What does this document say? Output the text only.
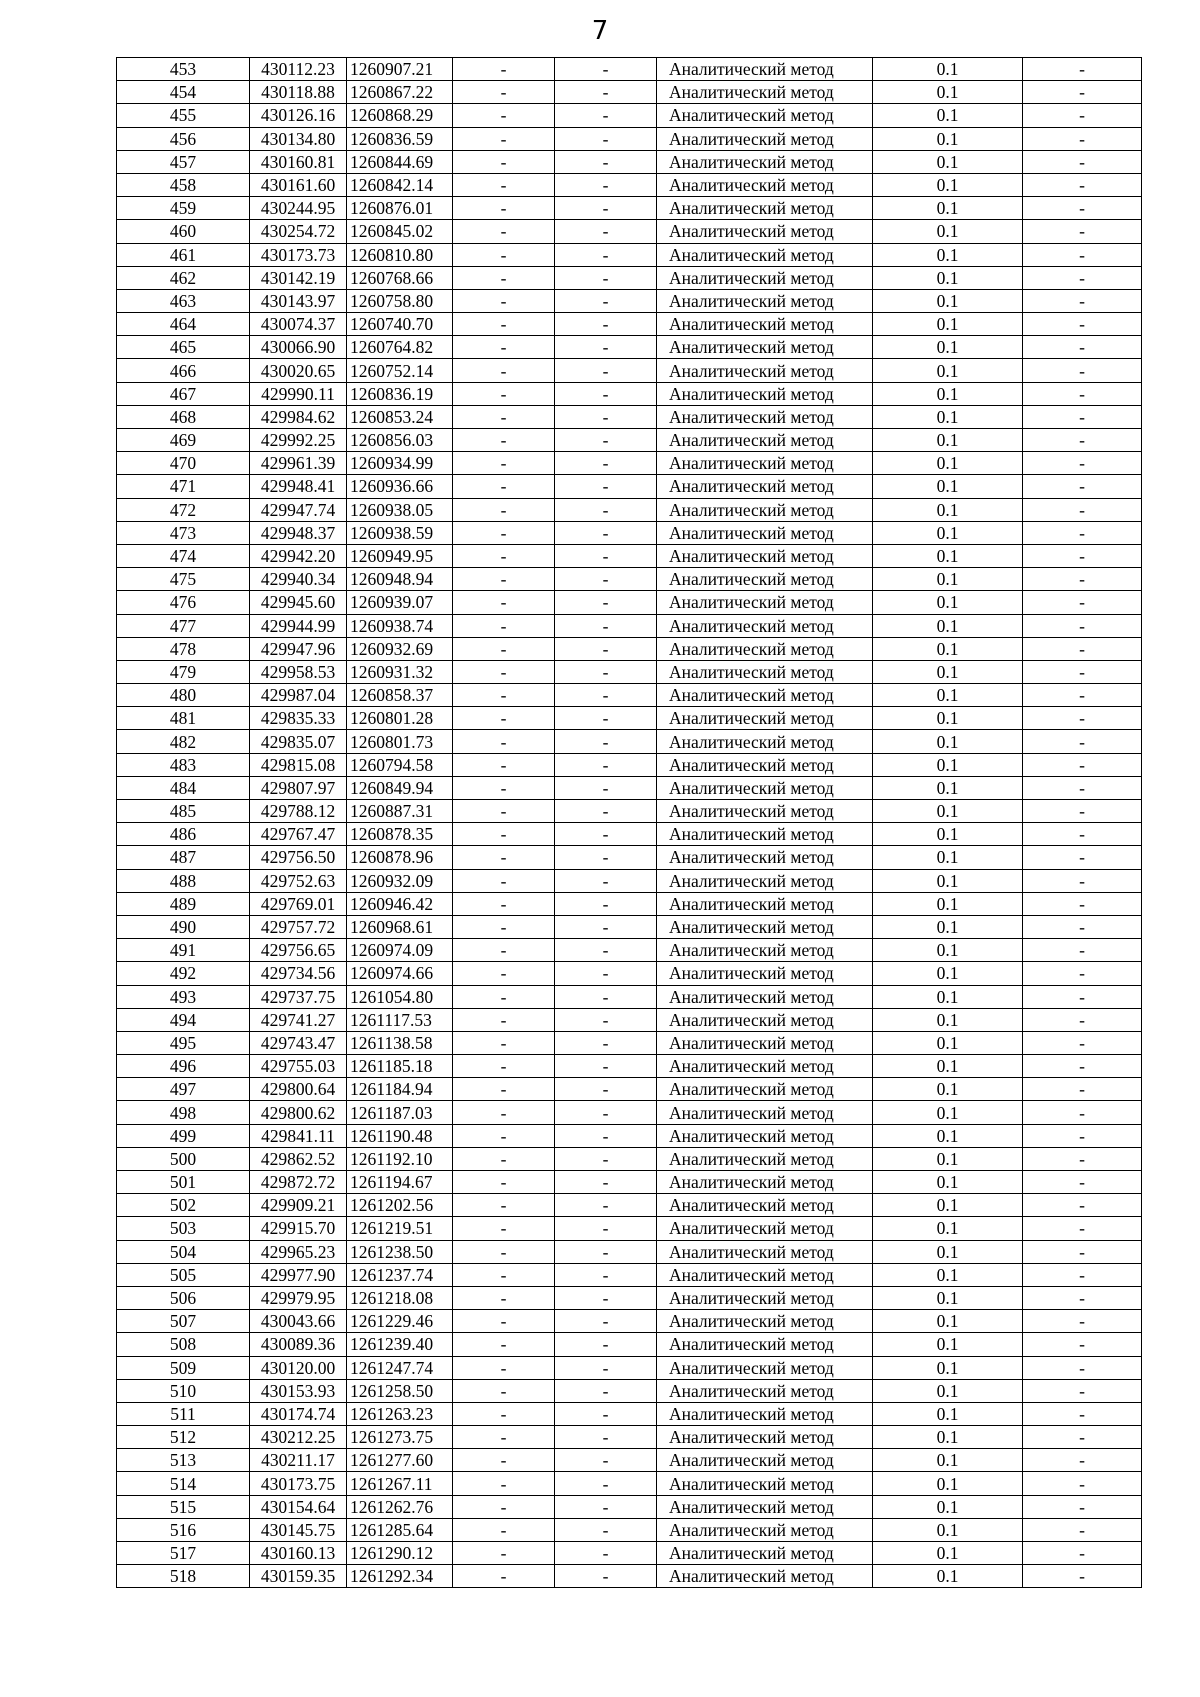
7
453	430112.23	1260907.21	-	-	Аналитический метод	0.1	-
454	430118.88	1260867.22	-	-	Аналитический метод	0.1	-
455	430126.16	1260868.29	-	-	Аналитический метод	0.1	-
456	430134.80	1260836.59	-	-	Аналитический метод	0.1	-
457	430160.81	1260844.69	-	-	Аналитический метод	0.1	-
458	430161.60	1260842.14	-	-	Аналитический метод	0.1	-
459	430244.95	1260876.01	-	-	Аналитический метод	0.1	-
460	430254.72	1260845.02	-	-	Аналитический метод	0.1	-
461	430173.73	1260810.80	-	-	Аналитический метод	0.1	-
462	430142.19	1260768.66	-	-	Аналитический метод	0.1	-
463	430143.97	1260758.80	-	-	Аналитический метод	0.1	-
464	430074.37	1260740.70	-	-	Аналитический метод	0.1	-
465	430066.90	1260764.82	-	-	Аналитический метод	0.1	-
466	430020.65	1260752.14	-	-	Аналитический метод	0.1	-
467	429990.11	1260836.19	-	-	Аналитический метод	0.1	-
468	429984.62	1260853.24	-	-	Аналитический метод	0.1	-
469	429992.25	1260856.03	-	-	Аналитический метод	0.1	-
470	429961.39	1260934.99	-	-	Аналитический метод	0.1	-
471	429948.41	1260936.66	-	-	Аналитический метод	0.1	-
472	429947.74	1260938.05	-	-	Аналитический метод	0.1	-
473	429948.37	1260938.59	-	-	Аналитический метод	0.1	-
474	429942.20	1260949.95	-	-	Аналитический метод	0.1	-
475	429940.34	1260948.94	-	-	Аналитический метод	0.1	-
476	429945.60	1260939.07	-	-	Аналитический метод	0.1	-
477	429944.99	1260938.74	-	-	Аналитический метод	0.1	-
478	429947.96	1260932.69	-	-	Аналитический метод	0.1	-
479	429958.53	1260931.32	-	-	Аналитический метод	0.1	-
480	429987.04	1260858.37	-	-	Аналитический метод	0.1	-
481	429835.33	1260801.28	-	-	Аналитический метод	0.1	-
482	429835.07	1260801.73	-	-	Аналитический метод	0.1	-
483	429815.08	1260794.58	-	-	Аналитический метод	0.1	-
484	429807.97	1260849.94	-	-	Аналитический метод	0.1	-
485	429788.12	1260887.31	-	-	Аналитический метод	0.1	-
486	429767.47	1260878.35	-	-	Аналитический метод	0.1	-
487	429756.50	1260878.96	-	-	Аналитический метод	0.1	-
488	429752.63	1260932.09	-	-	Аналитический метод	0.1	-
489	429769.01	1260946.42	-	-	Аналитический метод	0.1	-
490	429757.72	1260968.61	-	-	Аналитический метод	0.1	-
491	429756.65	1260974.09	-	-	Аналитический метод	0.1	-
492	429734.56	1260974.66	-	-	Аналитический метод	0.1	-
493	429737.75	1261054.80	-	-	Аналитический метод	0.1	-
494	429741.27	1261117.53	-	-	Аналитический метод	0.1	-
495	429743.47	1261138.58	-	-	Аналитический метод	0.1	-
496	429755.03	1261185.18	-	-	Аналитический метод	0.1	-
497	429800.64	1261184.94	-	-	Аналитический метод	0.1	-
498	429800.62	1261187.03	-	-	Аналитический метод	0.1	-
499	429841.11	1261190.48	-	-	Аналитический метод	0.1	-
500	429862.52	1261192.10	-	-	Аналитический метод	0.1	-
501	429872.72	1261194.67	-	-	Аналитический метод	0.1	-
502	429909.21	1261202.56	-	-	Аналитический метод	0.1	-
503	429915.70	1261219.51	-	-	Аналитический метод	0.1	-
504	429965.23	1261238.50	-	-	Аналитический метод	0.1	-
505	429977.90	1261237.74	-	-	Аналитический метод	0.1	-
506	429979.95	1261218.08	-	-	Аналитический метод	0.1	-
507	430043.66	1261229.46	-	-	Аналитический метод	0.1	-
508	430089.36	1261239.40	-	-	Аналитический метод	0.1	-
509	430120.00	1261247.74	-	-	Аналитический метод	0.1	-
510	430153.93	1261258.50	-	-	Аналитический метод	0.1	-
511	430174.74	1261263.23	-	-	Аналитический метод	0.1	-
512	430212.25	1261273.75	-	-	Аналитический метод	0.1	-
513	430211.17	1261277.60	-	-	Аналитический метод	0.1	-
514	430173.75	1261267.11	-	-	Аналитический метод	0.1	-
515	430154.64	1261262.76	-	-	Аналитический метод	0.1	-
516	430145.75	1261285.64	-	-	Аналитический метод	0.1	-
517	430160.13	1261290.12	-	-	Аналитический метод	0.1	-
518	430159.35	1261292.34	-	-	Аналитический метод	0.1	-
